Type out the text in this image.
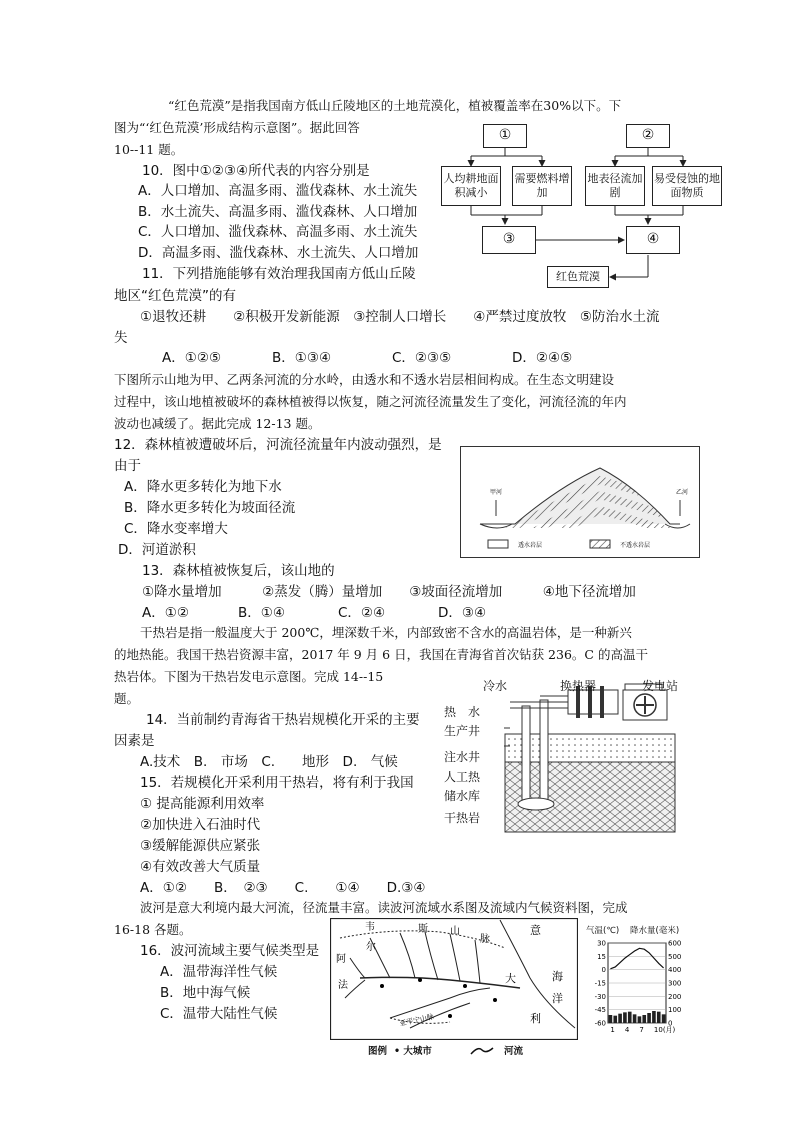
“红色荒漠”是指我国南方低山丘陵地区的土地荒漠化，植被覆盖率在30%以下。下
图为“‘红色荒漠’形成结构示意图”。据此回答
10--11 题。
10．图中①②③④所代表的内容分别是
A．人口增加、高温多雨、滥伐森林、水土流失
B．水土流失、高温多雨、滥伐森林、人口增加
C．人口增加、滥伐森林、高温多雨、水土流失
D．高温多雨、滥伐森林、水土流失、人口增加
11．下列措施能够有效治理我国南方低山丘陵
地区“红色荒漠”的有
①退牧还耕　　②积极开发新能源　③控制人口增长　　④严禁过度放牧　⑤防治水土流
失
A．①②⑤	B．①③④	C．②③⑤	D．②④⑤
①	②
人均耕地面积减小
需要燃料增加
地表径流加剧
易受侵蚀的地面物质
③	④
红色荒漠
下图所示山地为甲、乙两条河流的分水岭，由透水和不透水岩层相间构成。在生态文明建设
过程中，该山地植被破坏的森林植被得以恢复，随之河流径流量发生了变化，河流径流的年内
波动也减缓了。据此完成 12-13 题。
12．森林植被遭破坏后，河流径流量年内波动强烈，是
由于
A．降水更多转化为地下水
B．降水更多转化为坡面径流
C．降水变率增大
D．河道淤积
甲河	乙河
透水岩层	不透水岩层
13．森林植被恢复后，该山地的
①降水量增加　　　②蒸发（腾）量增加　　③坡面径流增加　　　④地下径流增加
A．①②	B．①④	C．②④	D．③④
干热岩是指一般温度大于 200℃，埋深数千米，内部致密不含水的高温岩体，是一种新兴
的地热能。我国干热岩资源丰富，2017 年 9 月 6 日，我国在青海省首次钻获 236。C 的高温干
热岩体。下图为干热岩发电示意图。完成 14--15
题。
14．当前制约青海省干热岩规模化开采的主要
因素是
A.技术　B.　市场　C.　　地形　D.　气候
15．若规模化开采利用干热岩，将有利于我国
① 提高能源利用效率
②加快进入石油时代
③缓解能源供应紧张
④有效改善大气质量
A．①②　　B．　②③　　C.　　①④　　D.③④
冷水	换热器	发电站
热　水
生产井
注水井
人工热
储水库
干热岩
波河是意大利境内最大河流，径流量丰富。读波河流域水系图及流域内气候资料图，完成
16-18 各题。
16．波河流域主要气候类型是
A．温带海洋性气候
B．地中海气候
C．温带大陆性气候
韦	斯 山
脉
尔
阿
法
意
大
利
海
洋
亚平宁山脉
图例 • 大城市	河流
气温(℃) 降水量(毫米)
30
15
0
-15
-30
-45
-60
600
500
400
300
200
100
0
1 4 7 10(月)
